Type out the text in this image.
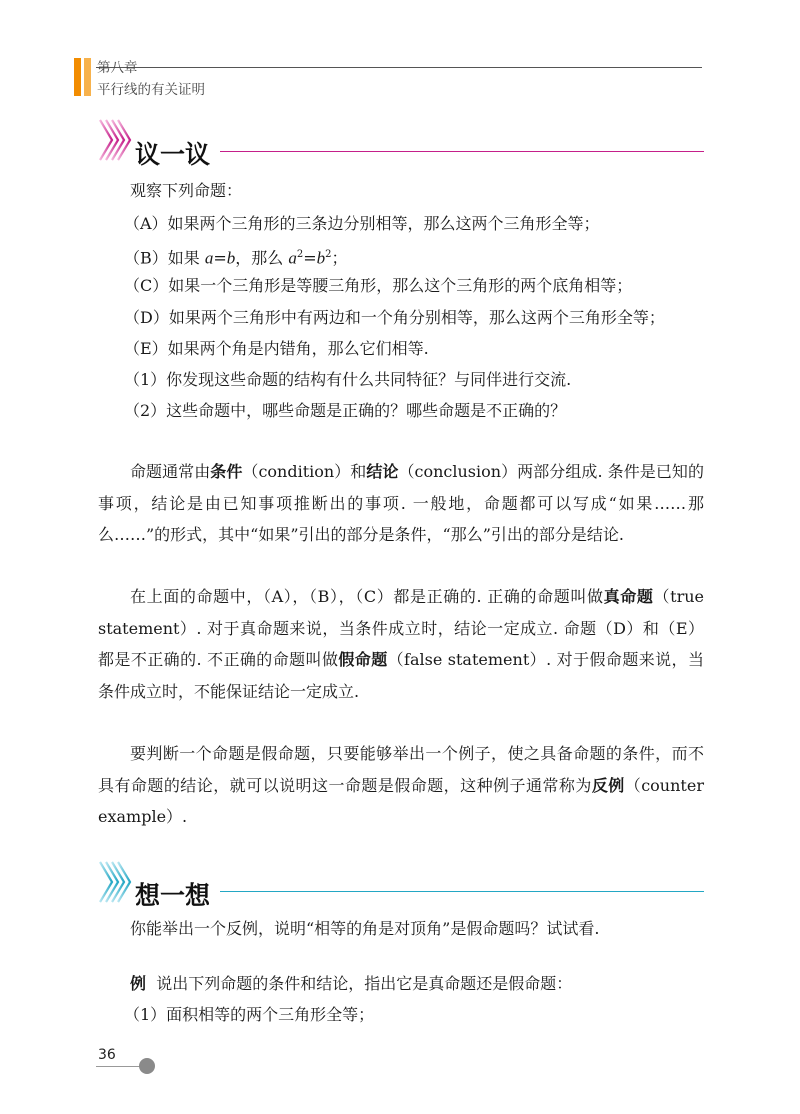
第八章
平行线的有关证明
议一议
观察下列命题：
（A）如果两个三角形的三条边分别相等，那么这两个三角形全等；
（B）如果 a=b，那么 $a^2=b^2$；
（C）如果一个三角形是等腰三角形，那么这个三角形的两个底角相等；
（D）如果两个三角形中有两边和一个角分别相等，那么这两个三角形全等；
（E）如果两个角是内错角，那么它们相等.
（1）你发现这些命题的结构有什么共同特征？与同伴进行交流.
（2）这些命题中，哪些命题是正确的？哪些命题是不正确的？
命题通常由条件（condition）和结论（conclusion）两部分组成. 条件是已知的事项，结论是由已知事项推断出的事项. 一般地，命题都可以写成“如果……那么……”的形式，其中“如果”引出的部分是条件，“那么”引出的部分是结论.
在上面的命题中，（A），（B），（C）都是正确的. 正确的命题叫做真命题（true statement）. 对于真命题来说，当条件成立时，结论一定成立. 命题（D）和（E）都是不正确的. 不正确的命题叫做假命题（false statement）. 对于假命题来说，当条件成立时，不能保证结论一定成立.
要判断一个命题是假命题，只要能够举出一个例子，使之具备命题的条件，而不具有命题的结论，就可以说明这一命题是假命题，这种例子通常称为反例（counter example）.
想一想
你能举出一个反例，说明“相等的角是对顶角”是假命题吗？试试看.
例 说出下列命题的条件和结论，指出它是真命题还是假命题：
（1）面积相等的两个三角形全等；
36
